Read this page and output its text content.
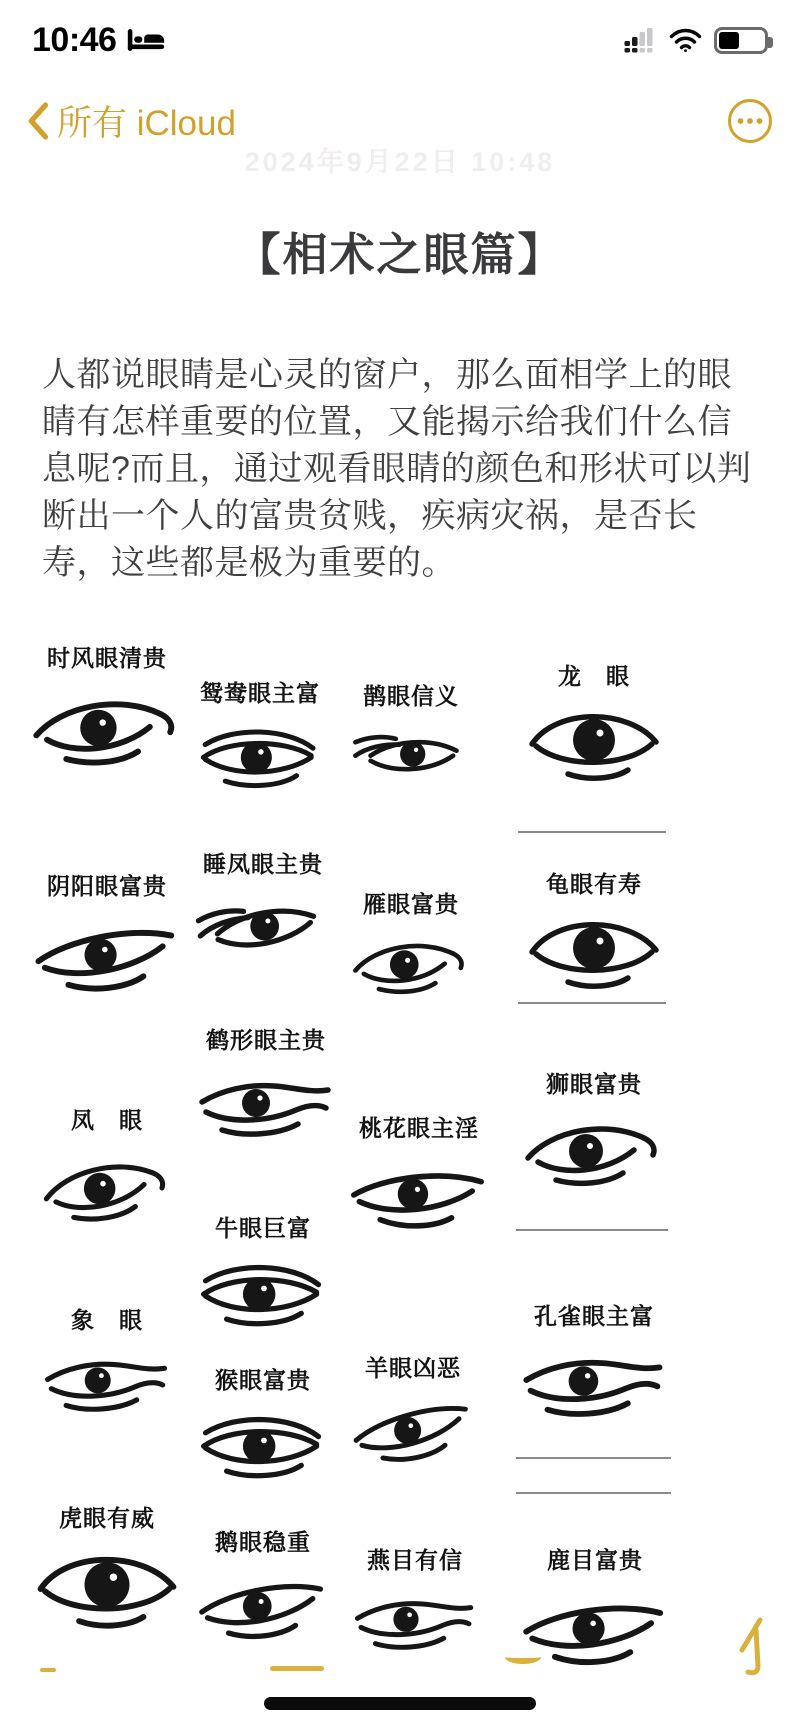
10:46
所有 iCloud
2024年9月22日 10:48
【相术之眼篇】

人都说眼睛是心灵的窗户，那么面相学上的眼睛有怎样重要的位置，又能揭示给我们什么信息呢?而且，通过观看眼睛的颜色和形状可以判断出一个人的富贵贫贱，疾病灾祸，是否长寿，这些都是极为重要的。

时风眼清贵
鸳鸯眼主富 鹊眼信义
龙　眼
阴阳眼富贵
睡凤眼主贵
雁眼富贵
龟眼有寿
凤　眼
鹤形眼主贵
桃花眼主淫
狮眼富贵
象　眼
牛眼巨富
羊眼凶恶
孔雀眼主富
虎眼有威
猴眼富贵
鹅眼稳重
燕目有信	鹿目富贵
